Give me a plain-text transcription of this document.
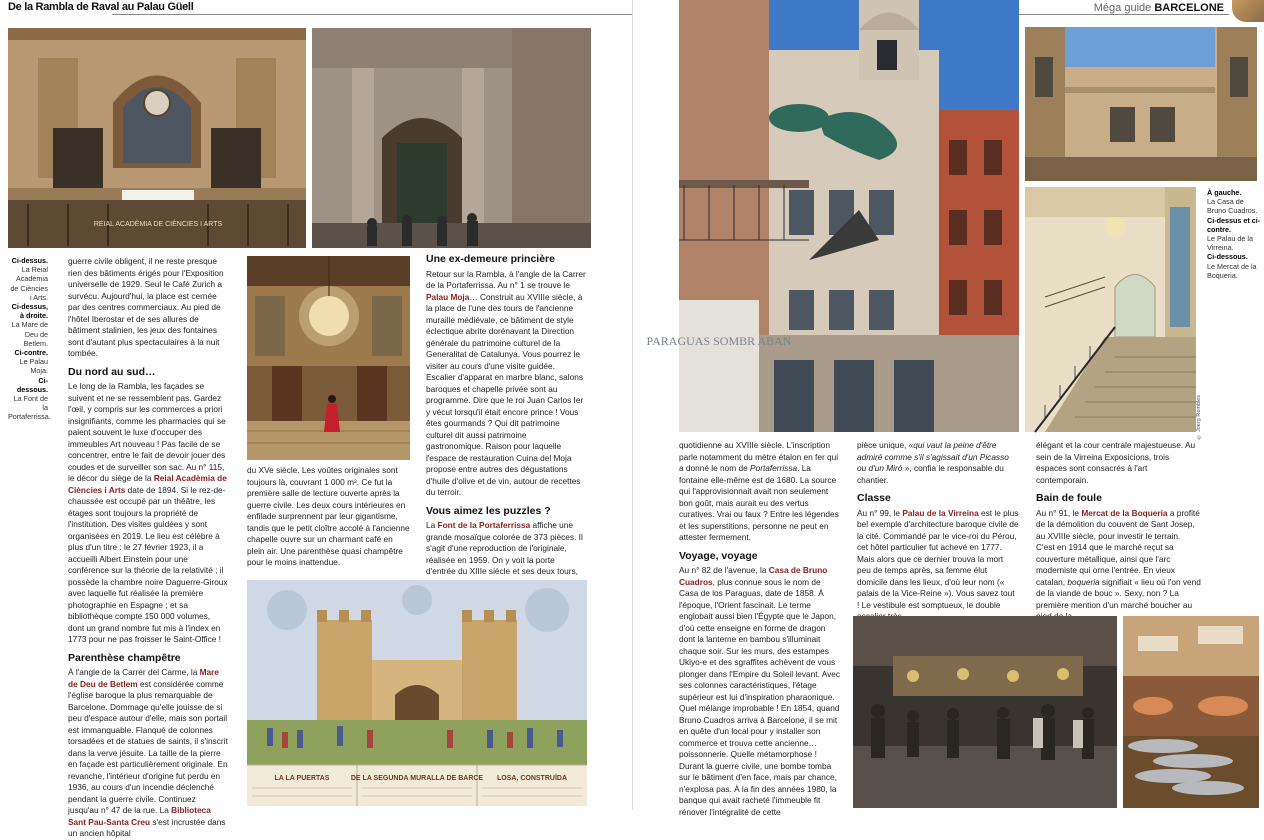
De la Rambla de Raval au Palau Güell
REIAL ACADÈMIA DE CIÈNCIES I ARTS
Ci-dessus.
La Reial Acadèmia de Ciències i Arts.
Ci-dessus, à droite.
La Mare de Deu de Betlem.
Ci-contre.
Le Palau Moja.
Ci-dessous.
La Font de la Portaferrissa.

guerre civile obligent, il ne reste presque rien des bâtiments érigés pour l'Exposition universelle de 1929. Seul le Café Zurich a survécu. Aujourd'hui, la place est cernée par des centres commerciaux. Au pied de l'hôtel Iberostar et de ses allures de bâtiment stalinien, les jeux des fontaines sont d'autant plus spectaculaires à la nuit tombée.

Du nord au sud…

Le long de la Rambla, les façades se suivent et ne se ressemblent pas. Gardez l'œil, y compris sur les commerces a priori insignifiants, comme les pharmacies qui se paient souvent le luxe d'occuper des immeubles Art nouveau ! Pas facile de se concentrer, entre le fait de devoir jouer des coudes et de surveiller son sac. Au n° 115, le décor du siège de la Reial Acadèmia de Ciències i Arts date de 1894. Si le rez-de-chaussée est occupé par un théâtre, les étages sont toujours la propriété de l'institution. Des visites guidées y sont organisées en 2019. Le lieu est célèbre à plus d'un titre : le 27 février 1923, il a accueilli Albert Einstein pour une conférence sur la théorie de la relativité ; il possède la chambre noire Daguerre-Giroux avec laquelle fut réalisée la première photographie en Espagne ; et sa bibliothèque compte 150 000 volumes, dont un grand nombre fut mis à l'index en 1773 pour ne pas froisser le Saint-Office !

Parenthèse champêtre

À l'angle de la Carrer del Carme, la Mare de Deu de Betlem est considérée comme l'église baroque la plus remarquable de Barcelone. Dommage qu'elle jouisse de si peu d'espace autour d'elle, mais son portail est immanquable. Flanqué de colonnes torsadées et de statues de saints, il s'inscrit dans la verve jésuite. La taille de la pierre en façade est particulièrement originale. En revanche, l'intérieur d'origine fut perdu en 1936, au cours d'un incendie déclenché pendant la guerre civile. Continuez jusqu'au n° 47 de la rue. La Biblioteca Sant Pau-Santa Creu s'est incrustée dans un ancien hôpital

du XVe siècle. Les voûtes originales sont toujours là, couvrant 1 000 m². Ce fut la première salle de lecture ouverte après la guerre civile. Les deux cours intérieures en enfilade surprennent par leur gigantisme, tandis que le petit cloître accolé à l'ancienne chapelle ouvre sur un charmant café en plein air. Une parenthèse quasi champêtre pour le moins inattendue.

Une ex-demeure princière

Retour sur la Rambla, à l'angle de la Carrer de la Portaferrissa. Au n° 1 se trouve le Palau Moja… Construit au XVIIIe siècle, à la place de l'une des tours de l'ancienne muraille médiévale, ce bâtiment de style éclectique abrite dorénavant la Direction générale du patrimoine culturel de la Generalitat de Catalunya. Vous pourrez le visiter au cours d'une visite guidée. Escalier d'apparat en marbre blanc, salons baroques et chapelle privée sont au programme. Dire que le roi Juan Carlos Ier y vécut lorsqu'il était encore prince ! Vous êtes gourmands ? Qui dit patrimoine culturel dit aussi patrimoine gastronomique. Raison pour laquelle l'espace de restauration Cuina del Moja propose entre autres des dégustations d'huile d'olive et de vin, autour de recettes du terroir.

Vous aimez les puzzles ?

La Font de la Portaferrissa affiche une grande mosaïque colorée de 373 pièces. Il s'agit d'une reproduction de l'originale, réalisée en 1959. On y voit la porte d'entrée du XIIIe siècle et ses deux tours,

LA LA PUERTAS	DE LA SEGUNDA MURALLA DE BARCE LOSA, CONSTRUÏDA
Méga guide BARCELONE
PARAGUAS SOMBR ABAN
© Joerg Rembles
À gauche.
La Casa de Bruno Cuadros.
Ci-dessus et ci-contre.
Le Palau de la Virreina.
Ci-dessous.
Le Mercat de la Boqueria.

quotidienne au XVIIIe siècle. L'inscription parle notamment du mètre étalon en fer qui a donné le nom de Portaferrissa. La fontaine elle-même est de 1680. La source qui l'approvisionnait avait non seulement bon goût, mais aurait eu des vertus curatives. Vrai ou faux ? Entre les légendes et les superstitions, personne ne peut en attester fermement.

Voyage, voyage

Au n° 82 de l'avenue, la Casa de Bruno Cuadros, plus connue sous le nom de Casa de los Paraguas, date de 1858. À l'époque, l'Orient fascinait. Le terme englobait aussi bien l'Égypte que le Japon, d'où cette enseigne en forme de dragon dont la lanterne en bambou s'illuminait chaque soir. Sur les murs, des estampes Ukiyo-e et des sgraffites achèvent de vous plonger dans l'Empire du Soleil levant. Avec ses colonnes caractéristiques, l'étage supérieur est lui d'inspiration pharaonique. Quel mélange improbable ! En 1854, quand Bruno Cuadros arriva à Barcelone, il se mit en quête d'un local pour y installer son commerce et trouva cette ancienne… poissonnerie. Quelle métamorphose ! Durant la guerre civile, une bombe tomba sur le bâtiment d'en face, mais par chance, n'explosa pas. À la fin des années 1980, la banque qui avait racheté l'immeuble fit rénover l'intégralité de cette

pièce unique, «qui vaut la peine d'être admiré comme s'il s'agissait d'un Picasso ou d'un Miró », confia le responsable du chantier.

Classe

Au n° 99, le Palau de la Virreina est le plus bel exemple d'architecture baroque civile de la cité. Commandé par le vice-roi du Pérou, cet hôtel particulier fut achevé en 1777. Mais alors que ce dernier trouva la mort peu de temps après, sa femme élut domicile dans les lieux, d'où leur nom (« palais de la Vice-Reine »). Vous savez tout ! Le vestibule est somptueux, le double

élégant et la cour centrale majestueuse. Au sein de la Virreina Exposicions, trois espaces sont consacrés à l'art contemporain.

Bain de foule

Au n° 91, le Mercat de la Boqueria a profité de la démolition du couvent de Sant Josep, au XVIIIe siècle, pour investir le terrain. C'est en 1914 que le marché reçut sa couverture métallique, ainsi que l'arc moderniste qui orne l'entrée. En vieux catalan, boqueria signifiait « lieu où l'on vend de la viande de bouc ». Sexy, non ? La première mention d'un marché boucher au
